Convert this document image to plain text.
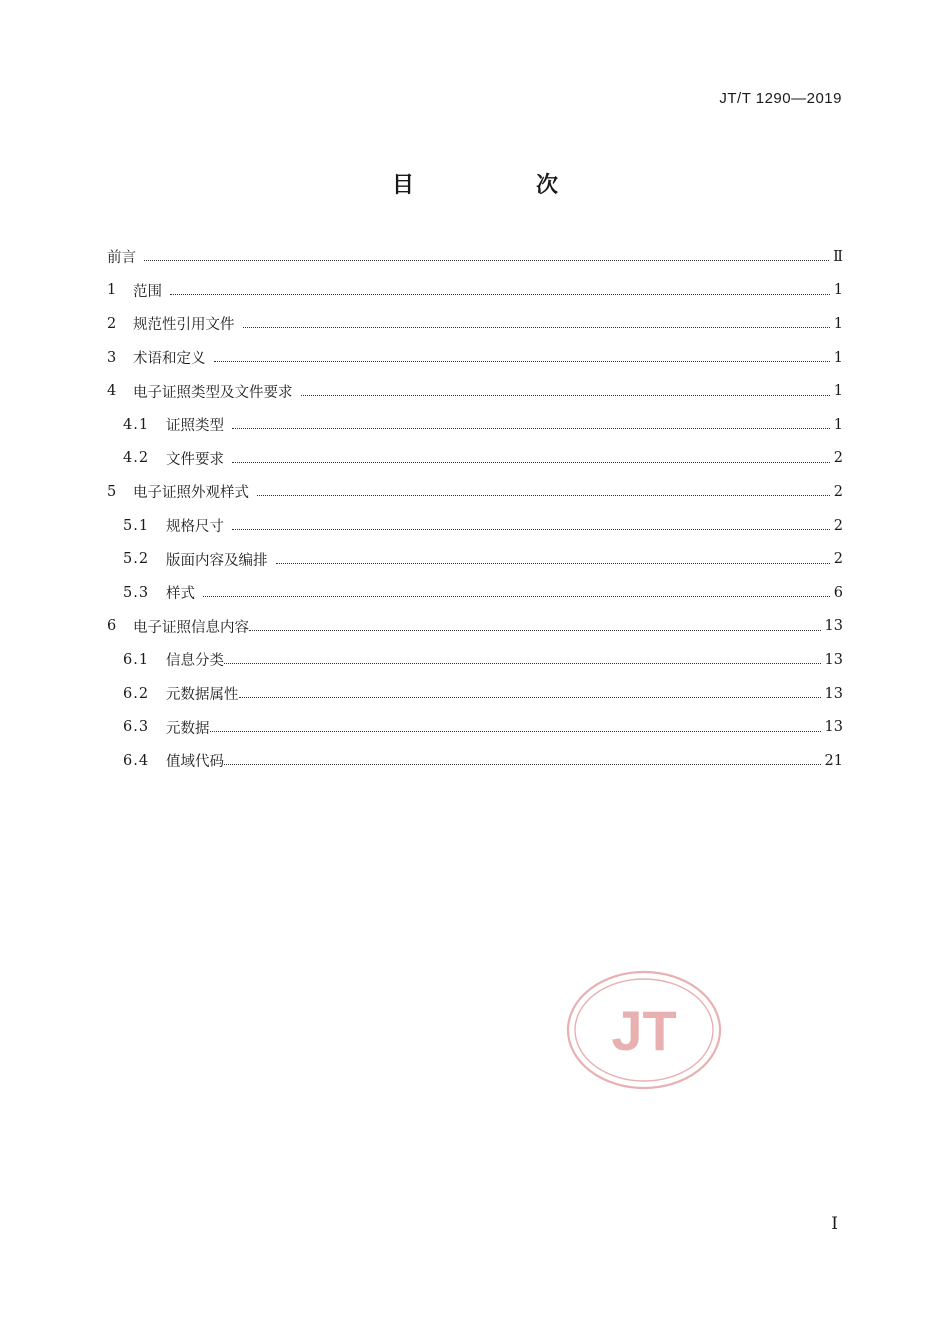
JT/T 1290—2019
目　次
前言	Ⅱ
1	范围	1
2	规范性引用文件	1
3	术语和定义	1
4	电子证照类型及文件要求	1
4.1	证照类型	1
4.2	文件要求	2
5	电子证照外观样式	2
5.1	规格尺寸	2
5.2	版面内容及编排	2
5.3	样式	6
6	电子证照信息内容	13
6.1	信息分类	13
6.2	元数据属性	13
6.3	元数据	13
6.4	值域代码	21
JT
Ⅰ
